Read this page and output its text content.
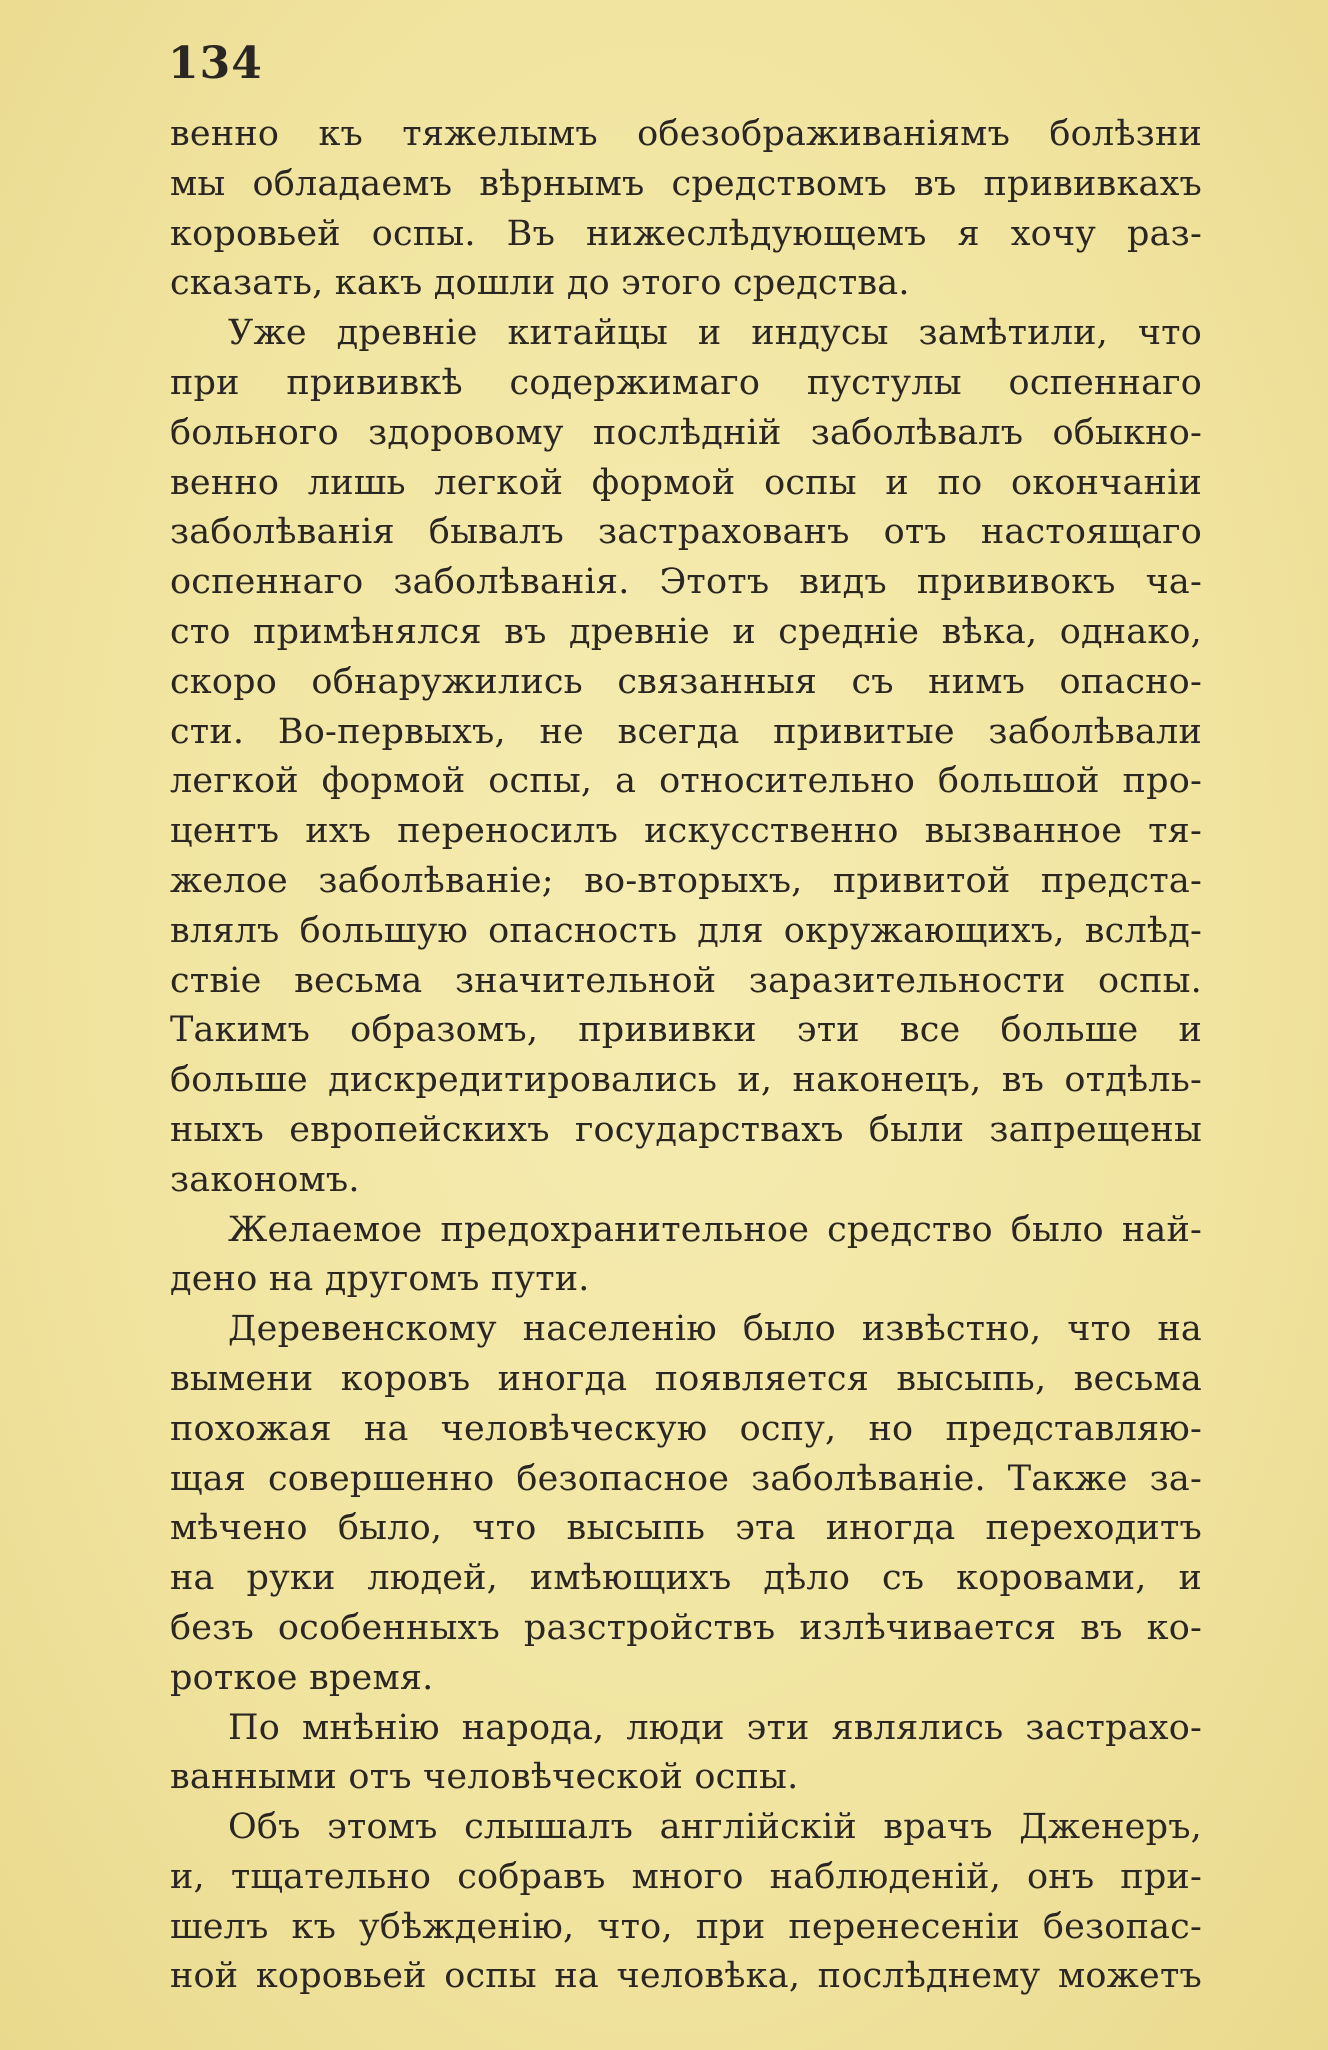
134
венно къ тяжелымъ обезображиваніямъ болѣзни
мы обладаемъ вѣрнымъ средствомъ въ прививкахъ
коровьей оспы. Въ нижеслѣдующемъ я хочу раз-
сказать, какъ дошли до этого средства.
Уже древніе китайцы и индусы замѣтили, что
при прививкѣ содержимаго пустулы оспеннаго
больного здоровому послѣдній заболѣвалъ обыкно-
венно лишь легкой формой оспы и по окончаніи
заболѣванія бывалъ застрахованъ отъ настоящаго
оспеннаго заболѣванія. Этотъ видъ прививокъ ча-
сто примѣнялся въ древніе и средніе вѣка, однако,
скоро обнаружились связанныя съ нимъ опасно-
сти. Во-первыхъ, не всегда привитые заболѣвали
легкой формой оспы, а относительно большой про-
центъ ихъ переносилъ искусственно вызванное тя-
желое заболѣваніе; во-вторыхъ, привитой предста-
влялъ большую опасность для окружающихъ, вслѣд-
ствіе весьма значительной заразительности оспы.
Такимъ образомъ, прививки эти все больше и
больше дискредитировались и, наконецъ, въ отдѣль-
ныхъ европейскихъ государствахъ были запрещены
закономъ.
Желаемое предохранительное средство было най-
дено на другомъ пути.
Деревенскому населенію было извѣстно, что на
вымени коровъ иногда появляется высыпь, весьма
похожая на человѣческую оспу, но представляю-
щая совершенно безопасное заболѣваніе. Также за-
мѣчено было, что высыпь эта иногда переходитъ
на руки людей, имѣющихъ дѣло съ коровами, и
безъ особенныхъ разстройствъ излѣчивается въ ко-
роткое время.
По мнѣнію народа, люди эти являлись застрахо-
ванными отъ человѣческой оспы.
Объ этомъ слышалъ англійскій врачъ Дженеръ,
и, тщательно собравъ много наблюденій, онъ при-
шелъ къ убѣжденію, что, при перенесеніи безопас-
ной коровьей оспы на человѣка, послѣднему можетъ
